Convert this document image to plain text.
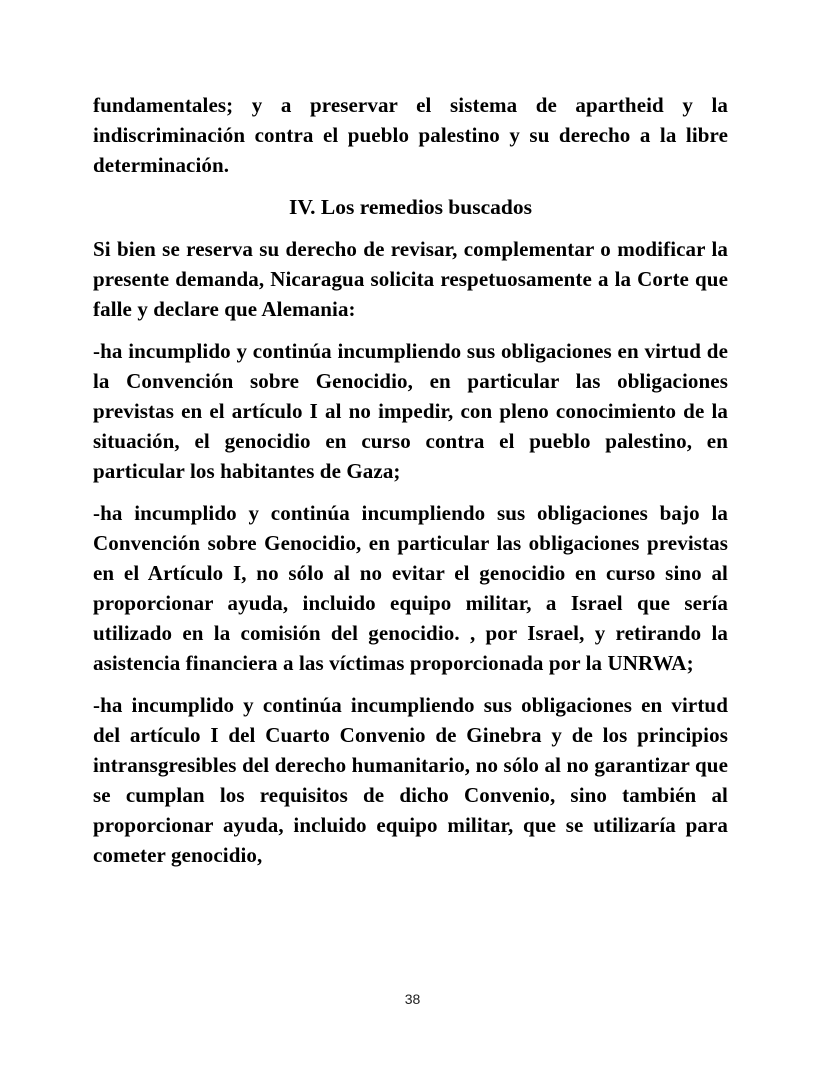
fundamentales; y a preservar el sistema de apartheid y la indiscriminación contra el pueblo palestino y su derecho a la libre determinación.

IV. Los remedios buscados

Si bien se reserva su derecho de revisar, complementar o modificar la presente demanda, Nicaragua solicita respetuosamente a la Corte que falle y declare que Alemania:

-ha incumplido y continúa incumpliendo sus obligaciones en virtud de la Convención sobre Genocidio, en particular las obligaciones previstas en el artículo I al no impedir, con pleno conocimiento de la situación, el genocidio en curso contra el pueblo palestino, en particular los habitantes de Gaza;

-ha incumplido y continúa incumpliendo sus obligaciones bajo la Convención sobre Genocidio, en particular las obligaciones previstas en el Artículo I, no sólo al no evitar el genocidio en curso sino al proporcionar ayuda, incluido equipo militar, a Israel que sería utilizado en la comisión del genocidio. , por Israel, y retirando la asistencia financiera a las víctimas proporcionada por la UNRWA;

-ha incumplido y continúa incumpliendo sus obligaciones en virtud del artículo I del Cuarto Convenio de Ginebra y de los principios intransgresibles del derecho humanitario, no sólo al no garantizar que se cumplan los requisitos de dicho Convenio, sino también al proporcionar ayuda, incluido equipo militar, que se utilizaría para cometer genocidio,

38
